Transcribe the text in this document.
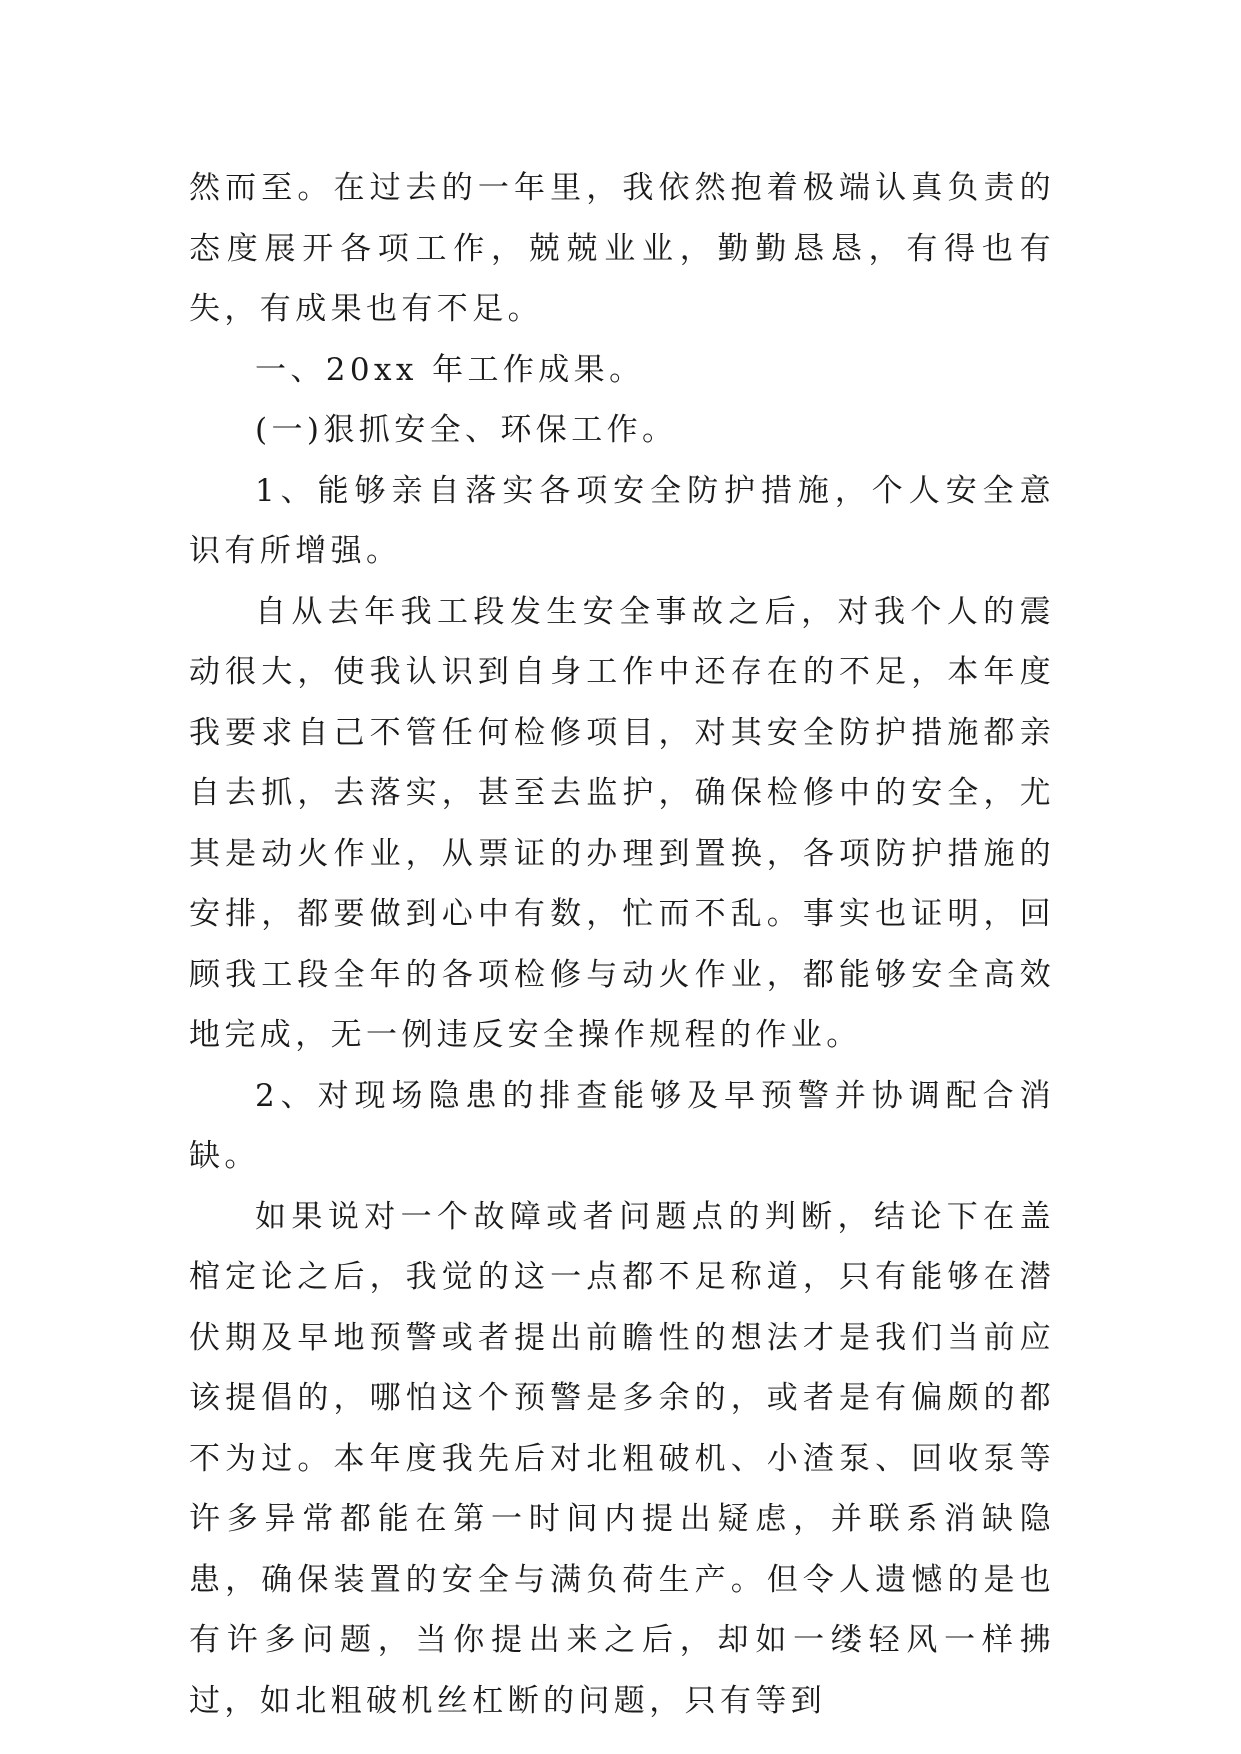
然而至。在过去的一年里，我依然抱着极端认真负责的态度展开各项工作，兢兢业业，勤勤恳恳，有得也有失，有成果也有不足。

一、20xx 年工作成果。

(一)狠抓安全、环保工作。

1、能够亲自落实各项安全防护措施，个人安全意识有所增强。

自从去年我工段发生安全事故之后，对我个人的震动很大，使我认识到自身工作中还存在的不足，本年度我要求自己不管任何检修项目，对其安全防护措施都亲自去抓，去落实，甚至去监护，确保检修中的安全，尤其是动火作业，从票证的办理到置换，各项防护措施的安排，都要做到心中有数，忙而不乱。事实也证明，回顾我工段全年的各项检修与动火作业，都能够安全高效地完成，无一例违反安全操作规程的作业。

2、对现场隐患的排查能够及早预警并协调配合消缺。

如果说对一个故障或者问题点的判断，结论下在盖棺定论之后，我觉的这一点都不足称道，只有能够在潜伏期及早地预警或者提出前瞻性的想法才是我们当前应该提倡的，哪怕这个预警是多余的，或者是有偏颇的都不为过。本年度我先后对北粗破机、小渣泵、回收泵等许多异常都能在第一时间内提出疑虑，并联系消缺隐患，确保装置的安全与满负荷生产。但令人遗憾的是也有许多问题，当你提出来之后，却如一缕轻风一样拂过，如北粗破机丝杠断的问题，只有等到
